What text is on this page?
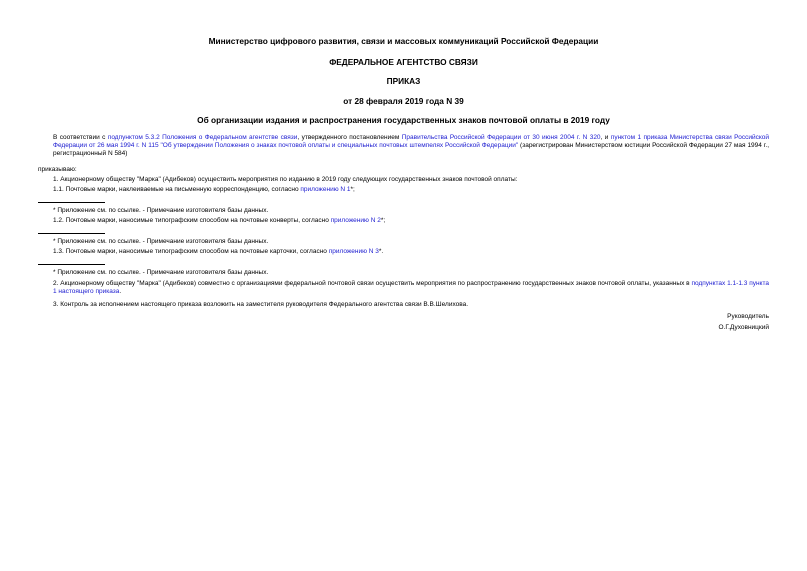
Министерство цифрового развития, связи и массовых коммуникаций Российской Федерации
ФЕДЕРАЛЬНОЕ АГЕНТСТВО СВЯЗИ
ПРИКАЗ
от 28 февраля 2019 года N 39
Об организации издания и распространения государственных знаков почтовой оплаты в 2019 году
В соответствии с подпунктом 5.3.2 Положения о Федеральном агентстве связи, утвержденного постановлением Правительства Российской Федерации от 30 июня 2004 г. N 320, и пунктом 1 приказа Министерства связи Российской Федерации от 26 мая 1994 г. N 115 "Об утверждении Положения о знаках почтовой оплаты и специальных почтовых штемпелях Российской Федерации" (зарегистрирован Министерством юстиции Российской Федерации 27 мая 1994 г., регистрационный N 584)
приказываю:
1. Акционерному обществу "Марка" (Адибеков) осуществить мероприятия по изданию в 2019 году следующих государственных знаков почтовой оплаты:
1.1. Почтовые марки, наклеиваемые на письменную корреспонденцию, согласно приложению N 1*;
* Приложение см. по ссылке. - Примечание изготовителя базы данных.
1.2. Почтовые марки, наносимые типографским способом на почтовые конверты, согласно приложению N 2*;
* Приложение см. по ссылке. - Примечание изготовителя базы данных.
1.3. Почтовые марки, наносимые типографским способом на почтовые карточки, согласно приложению N 3*.
* Приложение см. по ссылке. - Примечание изготовителя базы данных.
2. Акционерному обществу "Марка" (Адибеков) совместно с организациями федеральной почтовой связи осуществить мероприятия по распространению государственных знаков почтовой оплаты, указанных в подпунктах 1.1-1.3 пункта 1 настоящего приказа.
3. Контроль за исполнением настоящего приказа возложить на заместителя руководителя Федерального агентства связи В.В.Шелихова.
Руководитель
О.Г.Духовницкий
